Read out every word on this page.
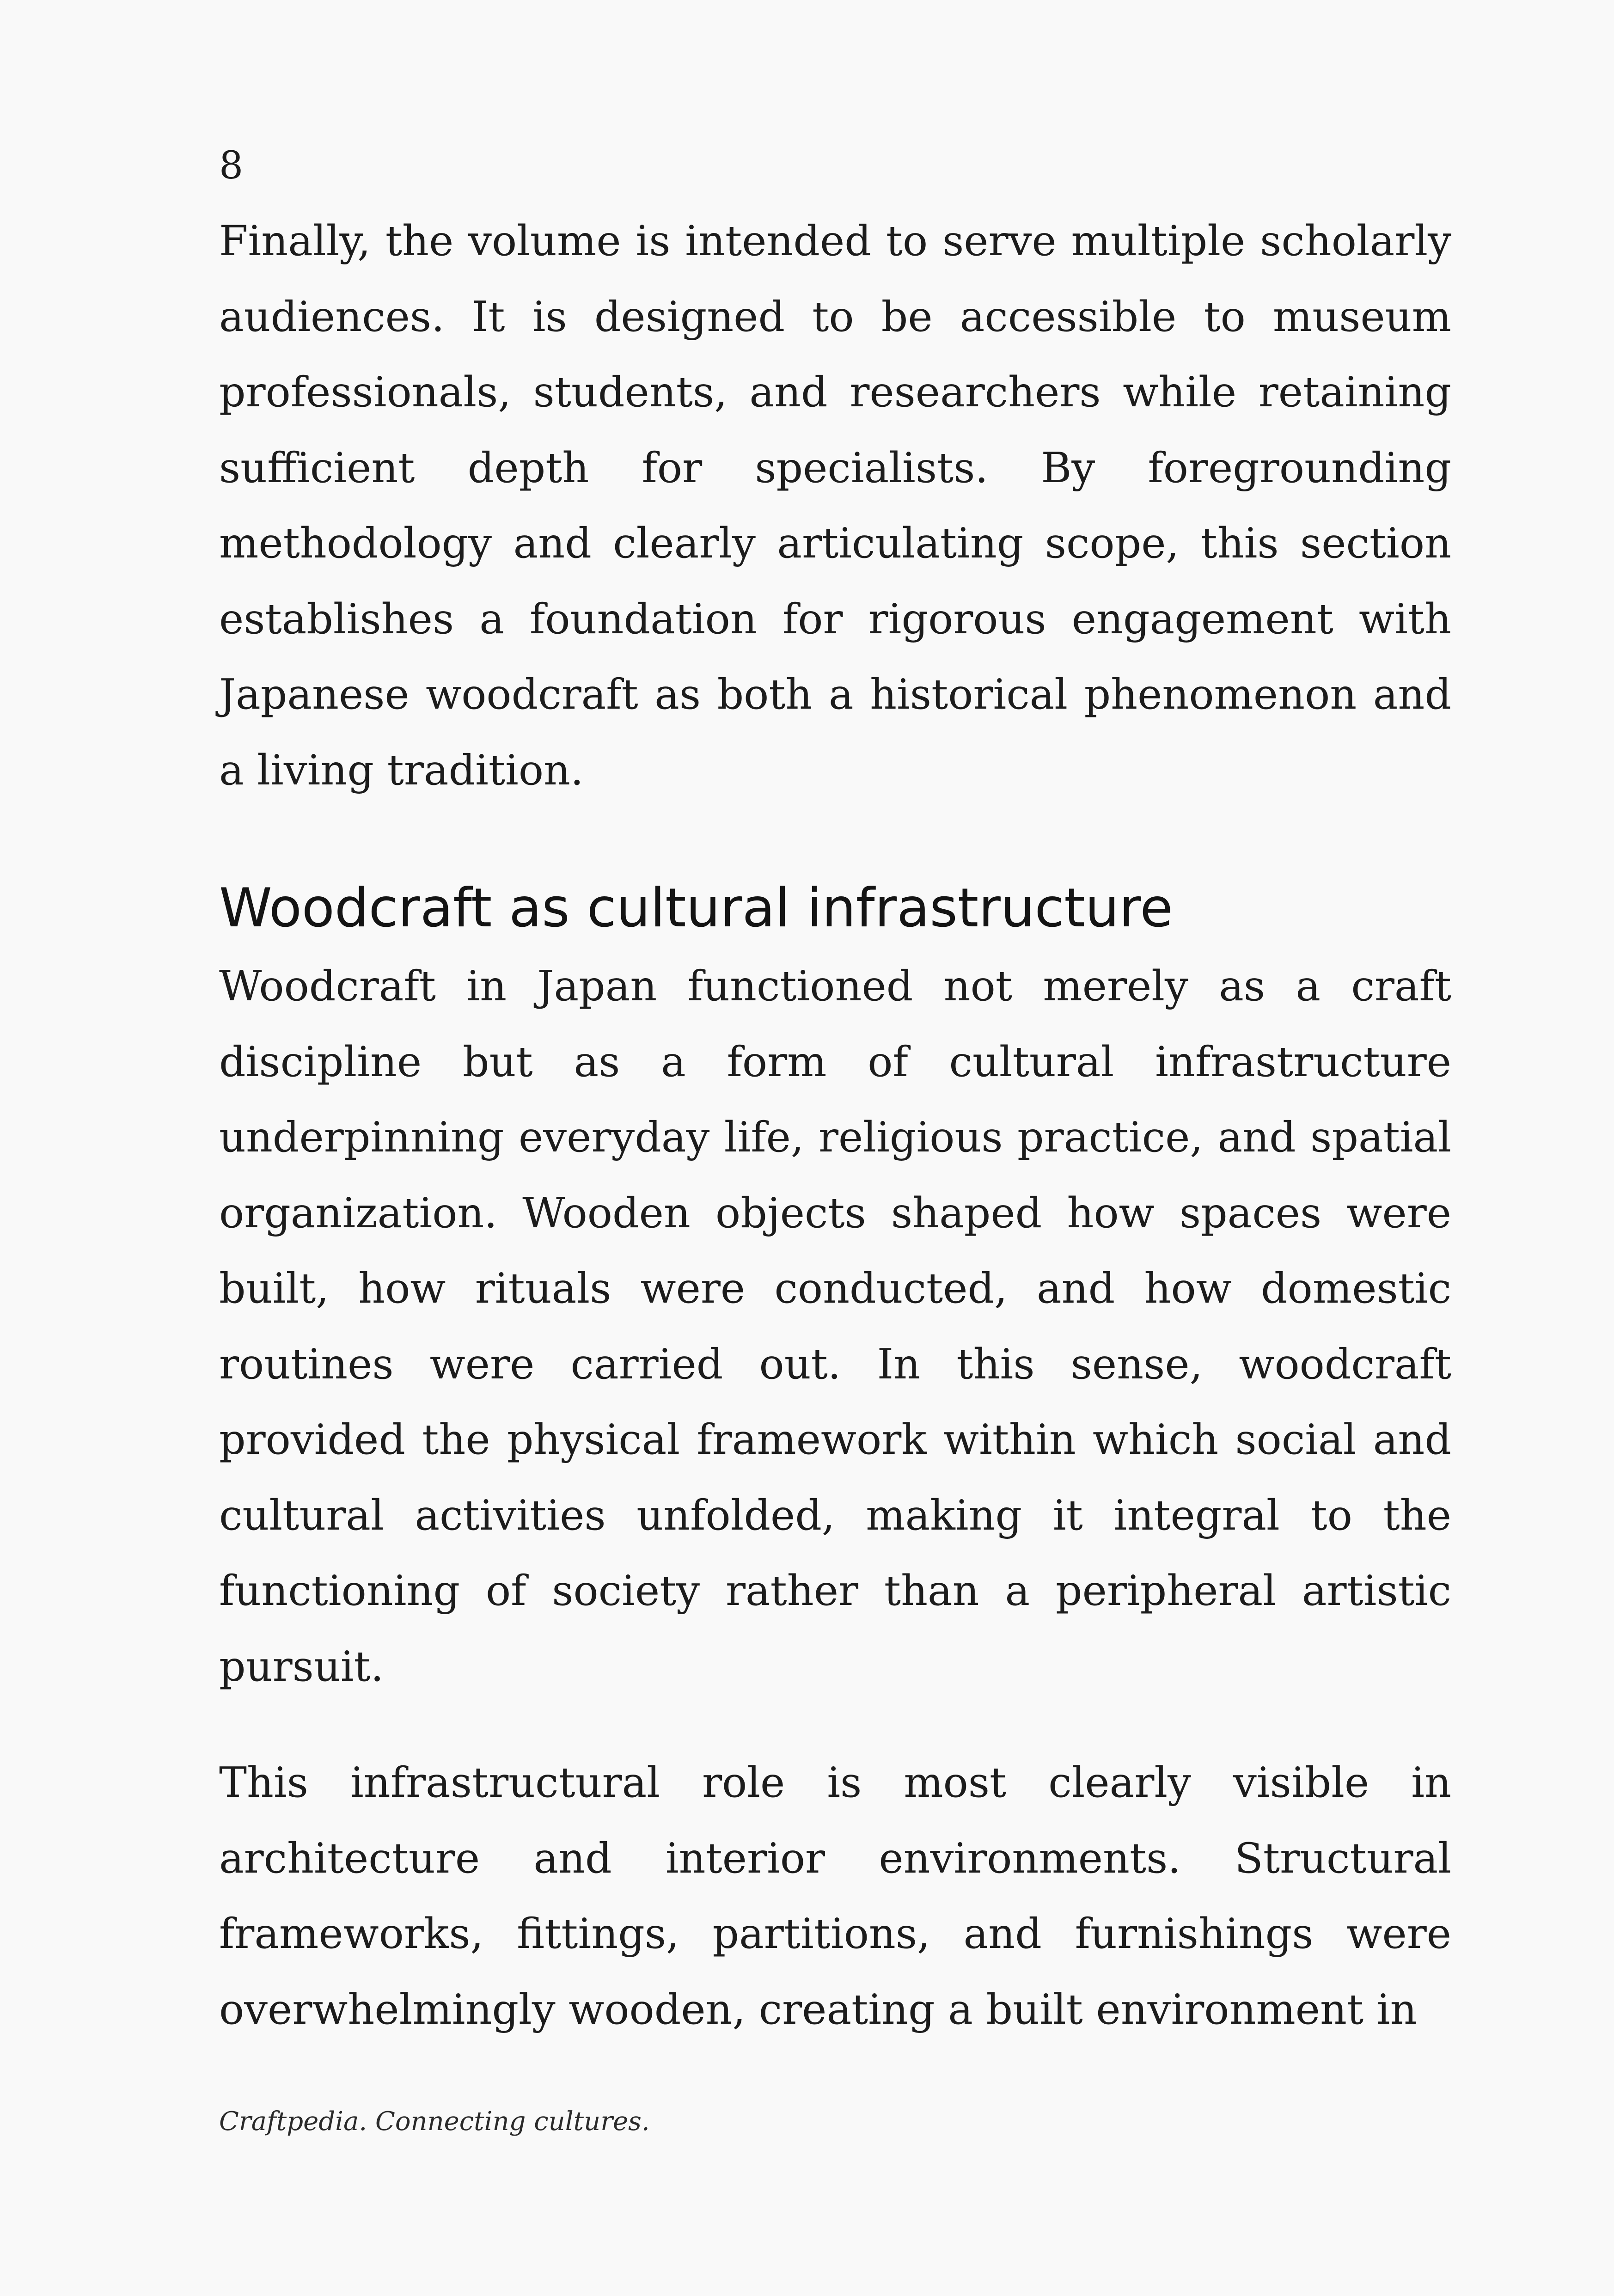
8

Finally, the volume is intended to serve multiple scholarly audiences. It is designed to be accessible to museum professionals, students, and researchers while retaining sufficient depth for specialists. By foregrounding methodology and clearly articulating scope, this section establishes a foundation for rigorous engagement with Japanese woodcraft as both a historical phenomenon and a living tradition.

Woodcraft as cultural infrastructure

Woodcraft in Japan functioned not merely as a craft discipline but as a form of cultural infrastructure underpinning everyday life, religious practice, and spatial organization. Wooden objects shaped how spaces were built, how rituals were conducted, and how domestic routines were carried out. In this sense, woodcraft provided the physical framework within which social and cultural activities unfolded, making it integral to the functioning of society rather than a peripheral artistic pursuit.

This infrastructural role is most clearly visible in architecture and interior environments. Structural frameworks, fittings, partitions, and furnishings were overwhelmingly wooden, creating a built environment in

Craftpedia. Connecting cultures.
